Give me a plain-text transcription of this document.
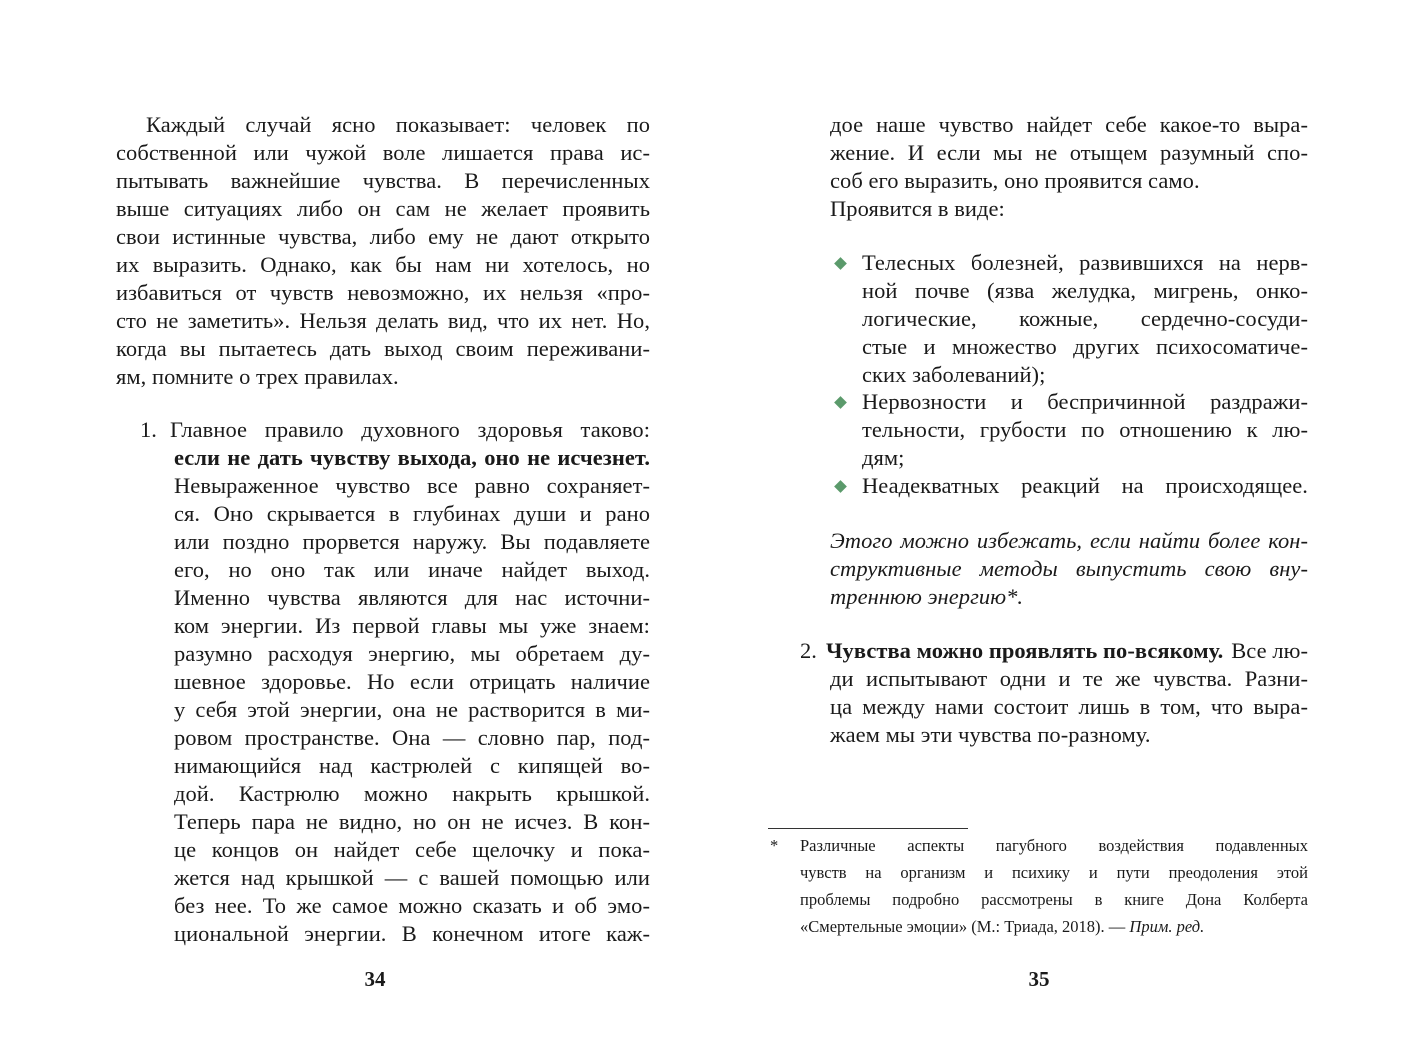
Каждый случай ясно показывает: человек по
собственной или чужой воле лишается права ис-
пытывать важнейшие чувства. В перечисленных
выше ситуациях либо он сам не желает проявить
свои истинные чувства, либо ему не дают открыто
их выразить. Однако, как бы нам ни хотелось, но
избавиться от чувств невозможно, их нельзя «про-
сто не заметить». Нельзя делать вид, что их нет. Но,
когда вы пытаетесь дать выход своим переживани-
ям, помните о трех правилах.
1. Главное правило духовного здоровья таково:
если не дать чувству выхода, оно не исчезнет.
Невыраженное чувство все равно сохраняет-
ся. Оно скрывается в глубинах души и рано
или поздно прорвется наружу. Вы подавляете
его, но оно так или иначе найдет выход.
Именно чувства являются для нас источни-
ком энергии. Из первой главы мы уже знаем:
разумно расходуя энергию, мы обретаем ду-
шевное здоровье. Но если отрицать наличие
у себя этой энергии, она не растворится в ми-
ровом пространстве. Она — словно пар, под-
нимающийся над кастрюлей с кипящей во-
дой. Кастрюлю можно накрыть крышкой.
Теперь пара не видно, но он не исчез. В кон-
це концов он найдет себе щелочку и пока-
жется над крышкой — с вашей помощью или
без нее. То же самое можно сказать и об эмо-
циональной энергии. В конечном итоге каж-
34
дое наше чувство найдет себе какое-то выра-
жение. И если мы не отыщем разумный спо-
соб его выразить, оно проявится само.
Проявится в виде:
Телесных болезней, развившихся на нерв-
ной почве (язва желудка, мигрень, онко-
логические, кожные, сердечно-сосуди-
стые и множество других психосоматиче-
ских заболеваний);
Нервозности и беспричинной раздражи-
тельности, грубости по отношению к лю-
дям;
Неадекватных реакций на происходящее.
Этого можно избежать, если найти более кон-
структивные методы выпустить свою вну-
треннюю энергию*.
2. Чувства можно проявлять по-всякому. Все лю-
ди испытывают одни и те же чувства. Разни-
ца между нами состоит лишь в том, что выра-
жаем мы эти чувства по-разному.
* Различные аспекты пагубного воздействия подавленных
чувств на организм и психику и пути преодоления этой
проблемы подробно рассмотрены в книге Дона Колберта
«Смертельные эмоции» (М.: Триада, 2018). — Прим. ред.
35
